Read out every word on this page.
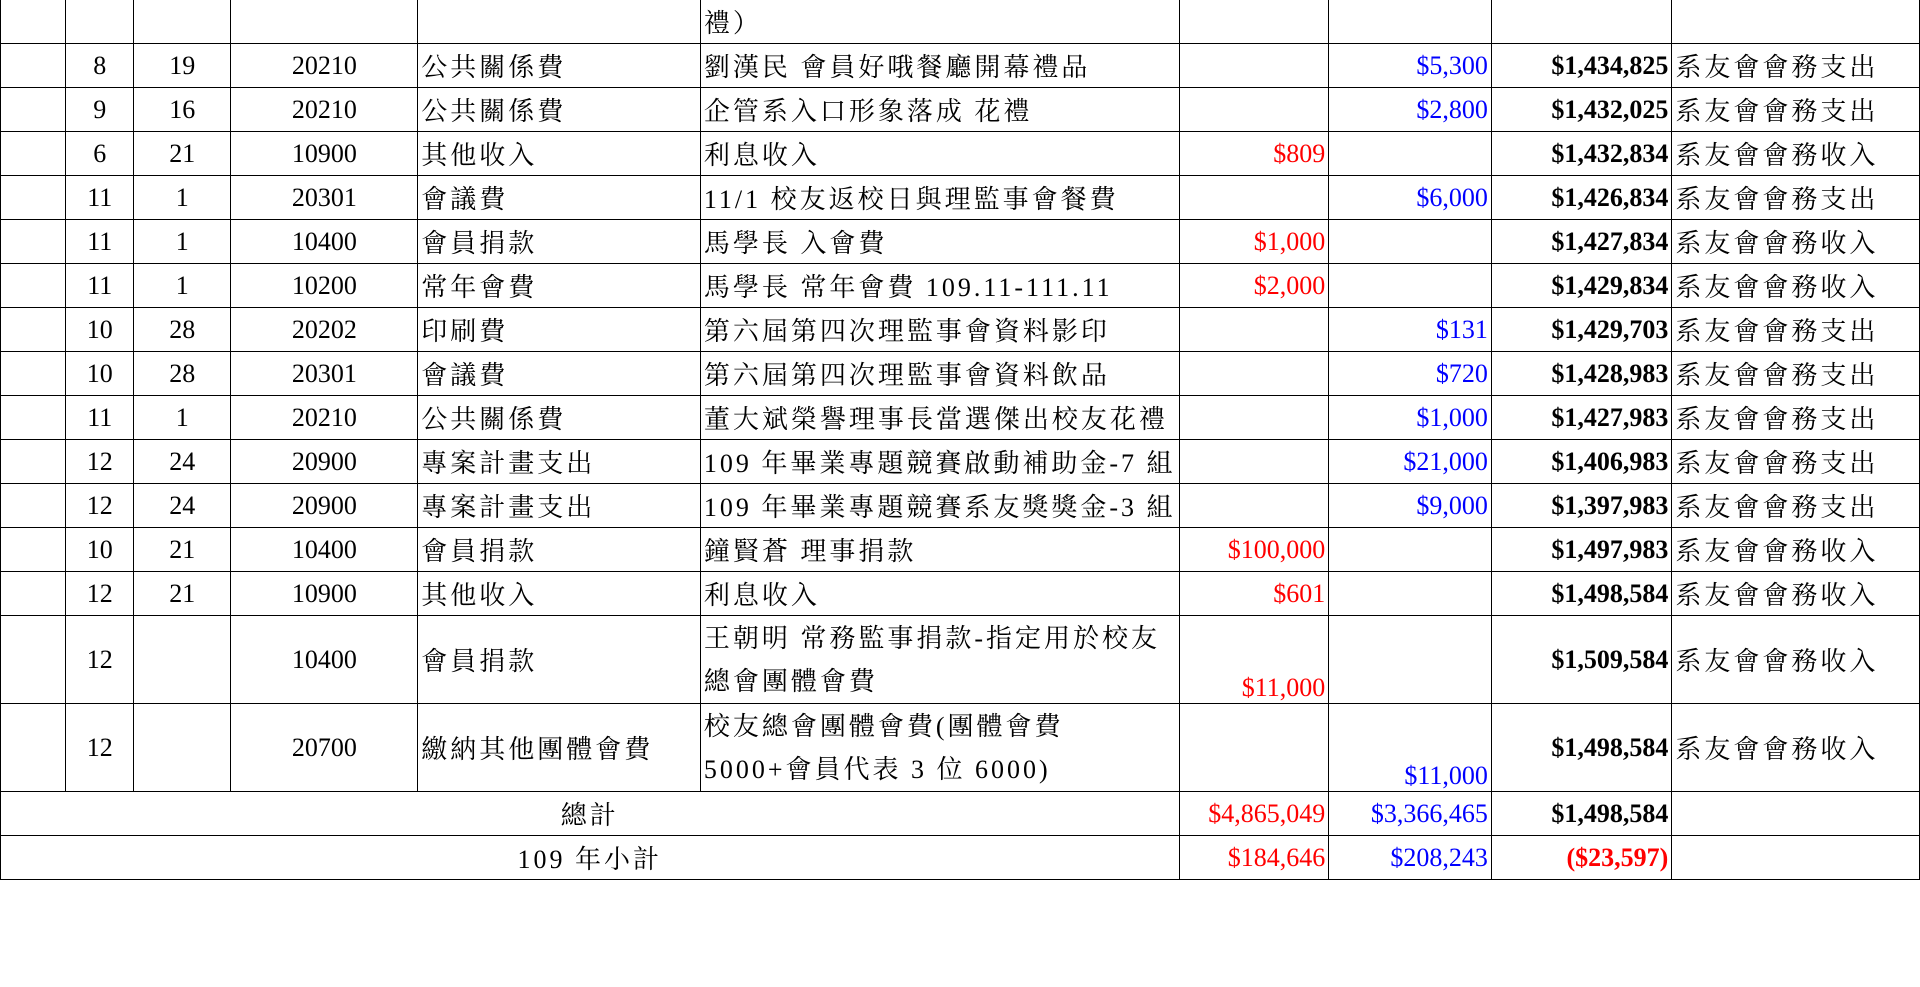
					禮）				
	8	19	20210	公共關係費	劉漢民 會員好哦餐廳開幕禮品		$5,300	$1,434,825	系友會會務支出
	9	16	20210	公共關係費	企管系入口形象落成 花禮		$2,800	$1,432,025	系友會會務支出
	6	21	10900	其他收入	利息收入	$809		$1,432,834	系友會會務收入
	11	1	20301	會議費	11/1 校友返校日與理監事會餐費		$6,000	$1,426,834	系友會會務支出
	11	1	10400	會員捐款	馬學長 入會費	$1,000		$1,427,834	系友會會務收入
	11	1	10200	常年會費	馬學長 常年會費 109.11-111.11	$2,000		$1,429,834	系友會會務收入
	10	28	20202	印刷費	第六屆第四次理監事會資料影印		$131	$1,429,703	系友會會務支出
	10	28	20301	會議費	第六屆第四次理監事會資料飲品		$720	$1,428,983	系友會會務支出
	11	1	20210	公共關係費	董大斌榮譽理事長當選傑出校友花禮		$1,000	$1,427,983	系友會會務支出
	12	24	20900	專案計畫支出	109 年畢業專題競賽啟動補助金-7 組		$21,000	$1,406,983	系友會會務支出
	12	24	20900	專案計畫支出	109 年畢業專題競賽系友獎獎金-3 組		$9,000	$1,397,983	系友會會務支出
	10	21	10400	會員捐款	鐘賢蒼 理事捐款	$100,000		$1,497,983	系友會會務收入
	12	21	10900	其他收入	利息收入	$601		$1,498,584	系友會會務收入
	12		10400	會員捐款	王朝明 常務監事捐款-指定用於校友總會團體會費	$11,000		$1,509,584	系友會會務收入
	12		20700	繳納其他團體會費	校友總會團體會費(團體會費 5000+會員代表 3 位 6000)		$11,000	$1,498,584	系友會會務收入
總計						$4,865,049	$3,366,465	$1,498,584	
109 年小計						$184,646	$208,243	($23,597)	
